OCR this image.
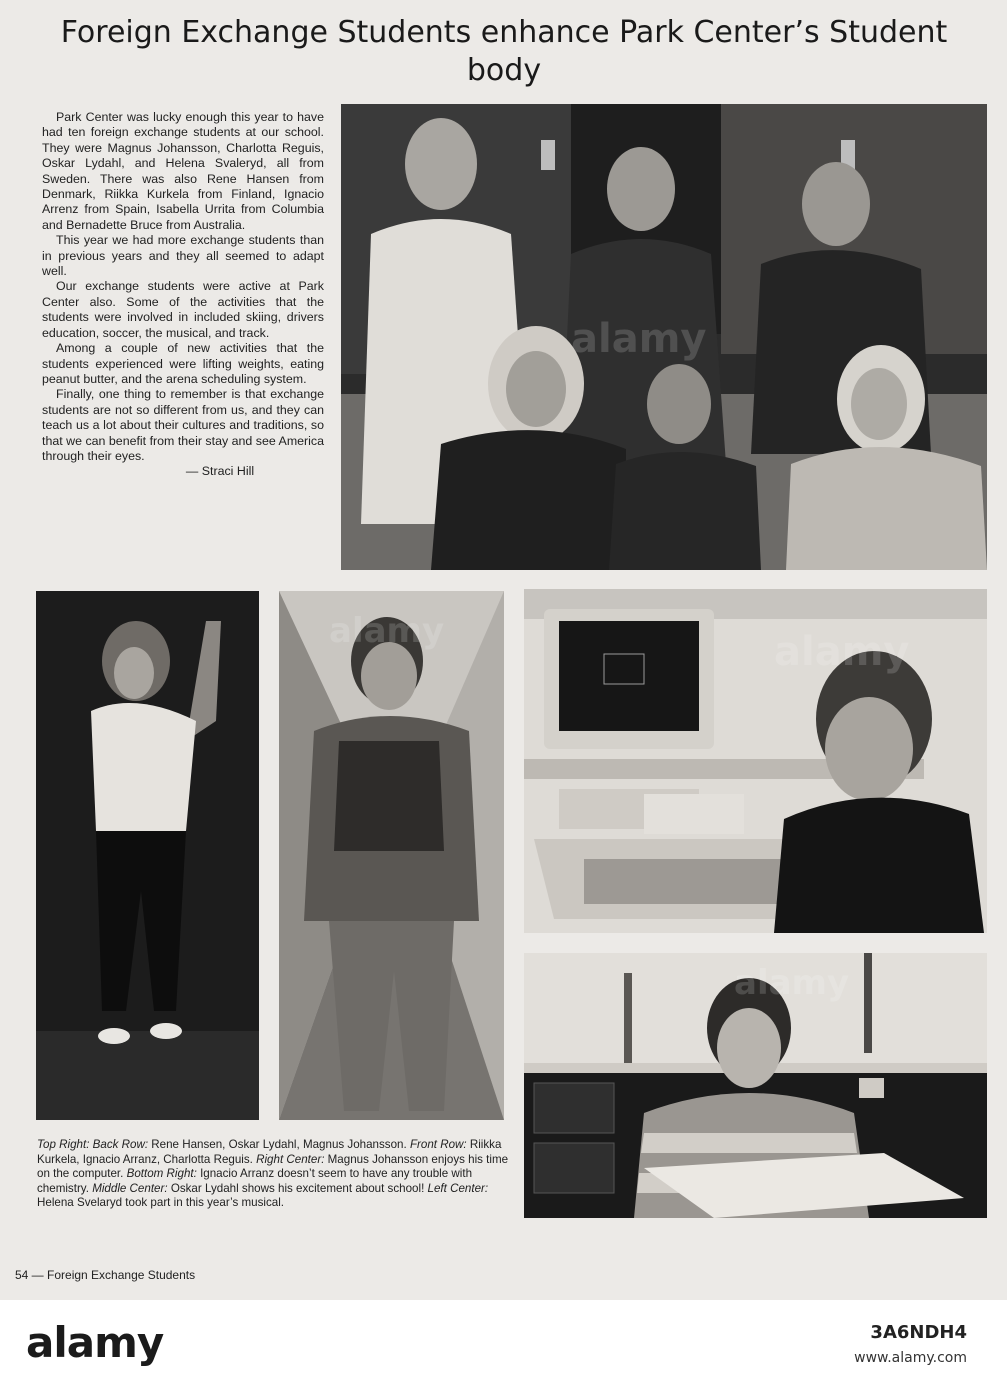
Foreign Exchange Students enhance Park Center’s Student body

Park Center was lucky enough this year to have had ten foreign exchange students at our school. They were Magnus Johansson, Charlotta Reguis, Oskar Lydahl, and Helena Svaleryd, all from Sweden. There was also Rene Hansen from Denmark, Riikka Kurkela from Finland, Ignacio Arrenz from Spain, Isabella Urrita from Columbia and Bernadette Bruce from Australia.

This year we had more exchange students than in previous years and they all seemed to adapt well.

Our exchange students were active at Park Center also. Some of the activities that the students were involved in included skiing, drivers education, soccer, the musical, and track.

Among a couple of new activities that the students experienced were lifting weights, eating peanut butter, and the arena scheduling system.

Finally, one thing to remember is that exchange students are not so different from us, and they can teach us a lot about their cultures and traditions, so that we can benefit from their stay and see America through their eyes.

— Straci Hill

Top Right: Back Row: Rene Hansen, Oskar Lydahl, Magnus Johansson. Front Row: Riikka Kurkela, Ignacio Arranz, Charlotta Reguis. Right Center: Magnus Johansson enjoys his time on the computer. Bottom Right: Ignacio Arranz doesn’t seem to have any trouble with chemistry. Middle Center: Oskar Lydahl shows his excitement about school! Left Center: Helena Svelaryd took part in this year’s musical.

54 — Foreign Exchange Students
alamy	3A6NDH4
www.alamy.com
